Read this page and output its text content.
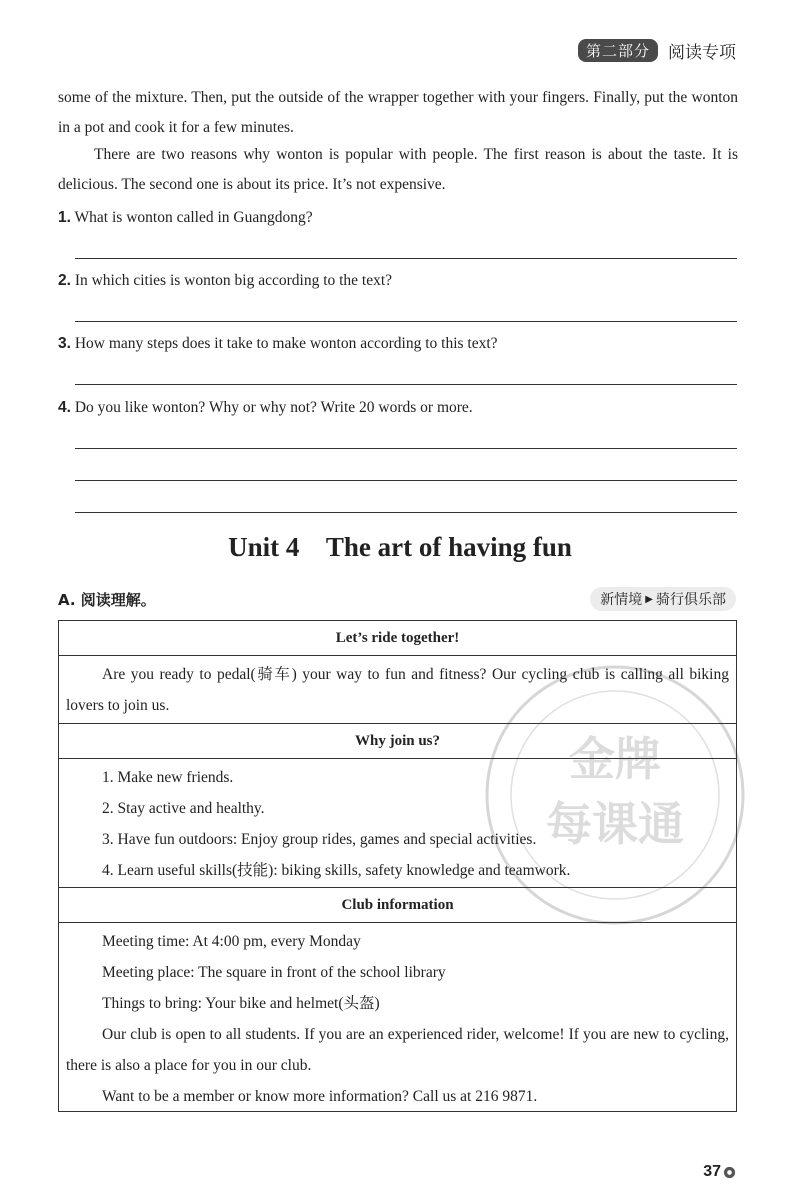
第二部分	阅读专项

some of the mixture. Then, put the outside of the wrapper together with your fingers. Finally, put the wonton in a pot and cook it for a few minutes.

There are two reasons why wonton is popular with people. The first reason is about the taste. It is delicious. The second one is about its price. It’s not expensive.

1. What is wonton called in Guangdong?

2. In which cities is wonton big according to the text?

3. How many steps does it take to make wonton according to this text?

4. Do you like wonton? Why or why not? Write 20 words or more.

Unit 4    The art of having fun
A. 阅读理解。	新情境 ▶ 骑行俱乐部
金牌
每课通
Let’s ride together!

Are you ready to pedal(骑车) your way to fun and fitness? Our cycling club is calling all biking lovers to join us.

Why join us?

1. Make new friends.

2. Stay active and healthy.

3. Have fun outdoors: Enjoy group rides, games and special activities.

4. Learn useful skills(技能): biking skills, safety knowledge and teamwork.

Club information

Meeting time: At 4:00 pm, every Monday

Meeting place: The square in front of the school library

Things to bring: Your bike and helmet(头盔)

Our club is open to all students. If you are an experienced rider, welcome! If you are new to cycling, there is also a place for you in our club.

Want to be a member or know more information? Call us at 216 9871.

37
